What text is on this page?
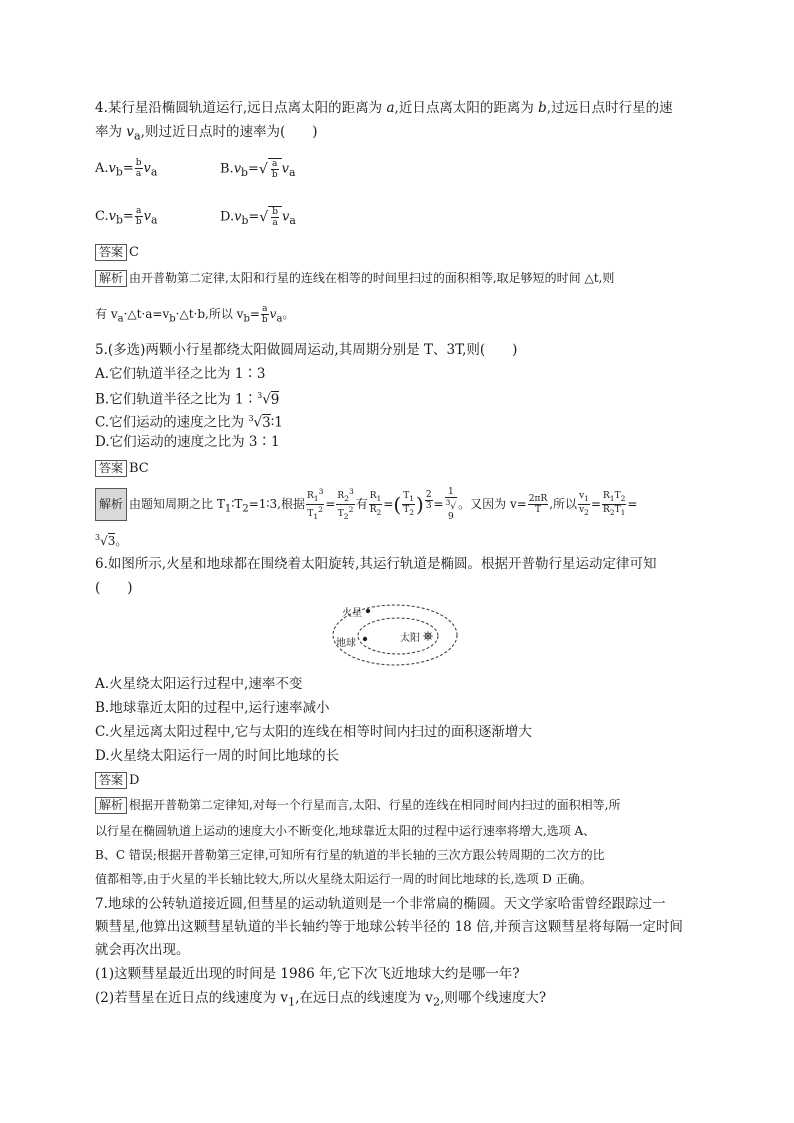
4.某行星沿椭圆轨道运行,远日点离太阳的距离为 a,近日点离太阳的距离为 b,过远日点时行星的速
率为 $v_a$,则过近日点时的速率为(　　)
$A.v_b= \frac{b}{a} v_a$	$B.v_b=√ \frac{a}{b} v_a$
$C.v_b= \frac{a}{b} v_a$	$D.v_b=√ \frac{b}{a} v_a$
答案 C
解析 由开普勒第二定律,太阳和行星的连线在相等的时间里扫过的面积相等,取足够短的时间 △t,则
有 $v_a\cdot\triangle t\cdot a=v_b\cdot\triangle t\cdot b$,所以 $v_b= \frac{a}{b} v_a$。
5.(多选)两颗小行星都绕太阳做圆周运动,其周期分别是 T、3T,则(　　)
A.它们轨道半径之比为 1∶3
B.它们轨道半径之比为 1∶$^3$√9
C.它们运动的速度之比为 $^3$√3∶1
D.它们运动的速度之比为 3∶1
答案 BC
解析 由题知周期之比 $T_1∶T_2=1∶3$,根据 $\frac{R_1^3}{T_1^2} = \frac{R_2^3}{T_2^2}$ 有 $\frac{R_1}{R_2}$ =( $\frac{T_1}{T_2}$ ) $^{\frac{2}{3}}$ = 1
$^3$√
9 。又因为 $v= \frac{2\pi R}{T}$ ,所以 $\frac{v_1}{v_2} = \frac{R_1T_2}{R_2T_1}$ =
$^3$√3。
6.如图所示,火星和地球都在围绕着太阳旋转,其运行轨道是椭圆。根据开普勒行星运动定律可知
(　　)
火星
地球	太阳
A.火星绕太阳运行过程中,速率不变
B.地球靠近太阳的过程中,运行速率减小
C.火星远离太阳过程中,它与太阳的连线在相等时间内扫过的面积逐渐增大
D.火星绕太阳运行一周的时间比地球的长
答案 D
解析 根据开普勒第二定律知,对每一个行星而言,太阳、行星的连线在相同时间内扫过的面积相等,所
以行星在椭圆轨道上运动的速度大小不断变化,地球靠近太阳的过程中运行速率将增大,选项 A、
B、C 错误;根据开普勒第三定律,可知所有行星的轨道的半长轴的三次方跟公转周期的二次方的比
值都相等,由于火星的半长轴比较大,所以火星绕太阳运行一周的时间比地球的长,选项 D 正确。
7.地球的公转轨道接近圆,但彗星的运动轨道则是一个非常扁的椭圆。天文学家哈雷曾经跟踪过一
颗彗星,他算出这颗彗星轨道的半长轴约等于地球公转半径的 18 倍,并预言这颗彗星将每隔一定时间
就会再次出现。
(1)这颗彗星最近出现的时间是 1986 年,它下次飞近地球大约是哪一年?
(2)若彗星在近日点的线速度为 $v_1$,在远日点的线速度为 $v_2$,则哪个线速度大?
